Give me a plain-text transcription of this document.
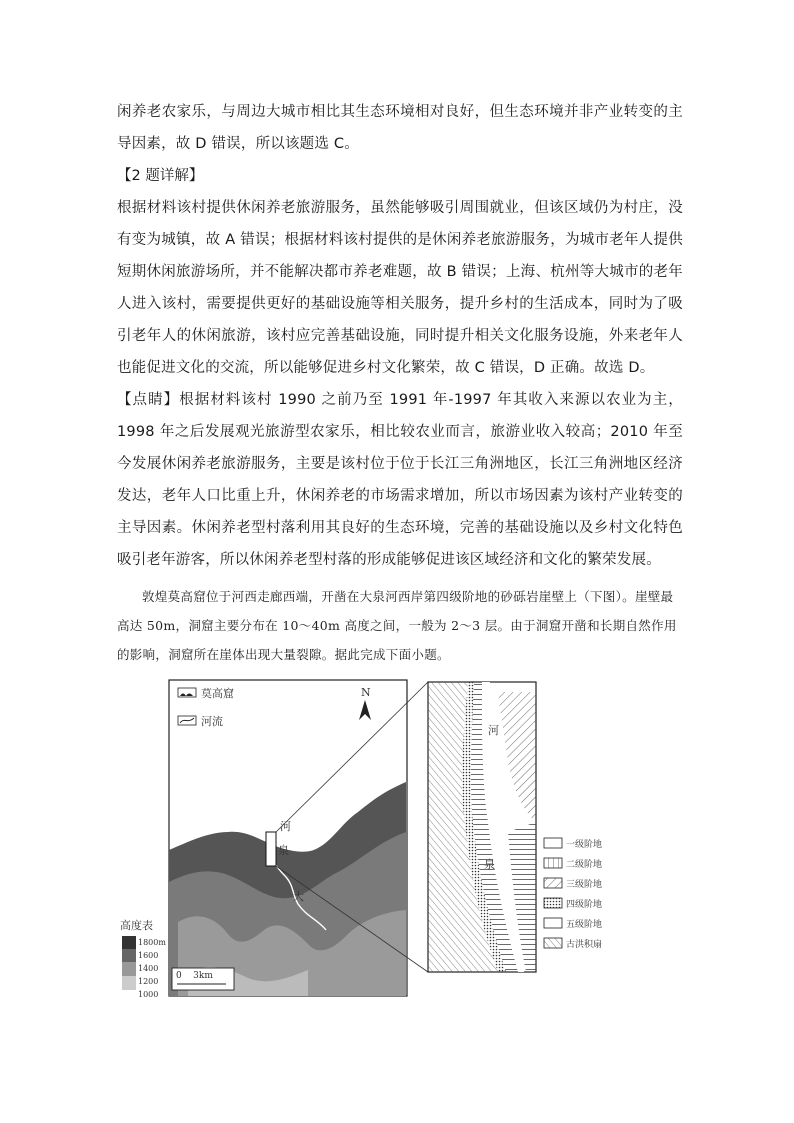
闲养老农家乐，与周边大城市相比其生态环境相对良好，但生态环境并非产业转变的主导因素，故 D 错误，所以该题选 C。

【2 题详解】

根据材料该村提供休闲养老旅游服务，虽然能够吸引周围就业，但该区域仍为村庄，没有变为城镇，故 A 错误；根据材料该村提供的是休闲养老旅游服务，为城市老年人提供短期休闲旅游场所，并不能解决都市养老难题，故 B 错误；上海、杭州等大城市的老年人进入该村，需要提供更好的基础设施等相关服务，提升乡村的生活成本，同时为了吸引老年人的休闲旅游，该村应完善基础设施，同时提升相关文化服务设施，外来老年人也能促进文化的交流，所以能够促进乡村文化繁荣，故 C 错误，D 正确。故选 D。

【点睛】根据材料该村 1990 之前乃至 1991 年-1997 年其收入来源以农业为主，1998 年之后发展观光旅游型农家乐，相比较农业而言，旅游业收入较高；2010 年至今发展休闲养老旅游服务，主要是该村位于位于长江三角洲地区，长江三角洲地区经济发达，老年人口比重上升，休闲养老的市场需求增加，所以市场因素为该村产业转变的主导因素。休闲养老型村落利用其良好的生态环境，完善的基础设施以及乡村文化特色吸引老年游客，所以休闲养老型村落的形成能够促进该区域经济和文化的繁荣发展。

敦煌莫高窟位于河西走廊西端，开凿在大泉河西岸第四级阶地的砂砾岩崖壁上（下图）。崖壁最高达 50m，洞窟主要分布在 10～40m 高度之间，一般为 2～3 层。由于洞窟开凿和长期自然作用的影响，洞窟所在崖体出现大量裂隙。据此完成下面小题。

河
泉
大
莫高窟
河流
N
高度表
0    3km
河
泉
一级阶地
二级阶地
三级阶地
四级阶地
五级阶地
古洪积扇
1800m
1600
1400
1200
1000
